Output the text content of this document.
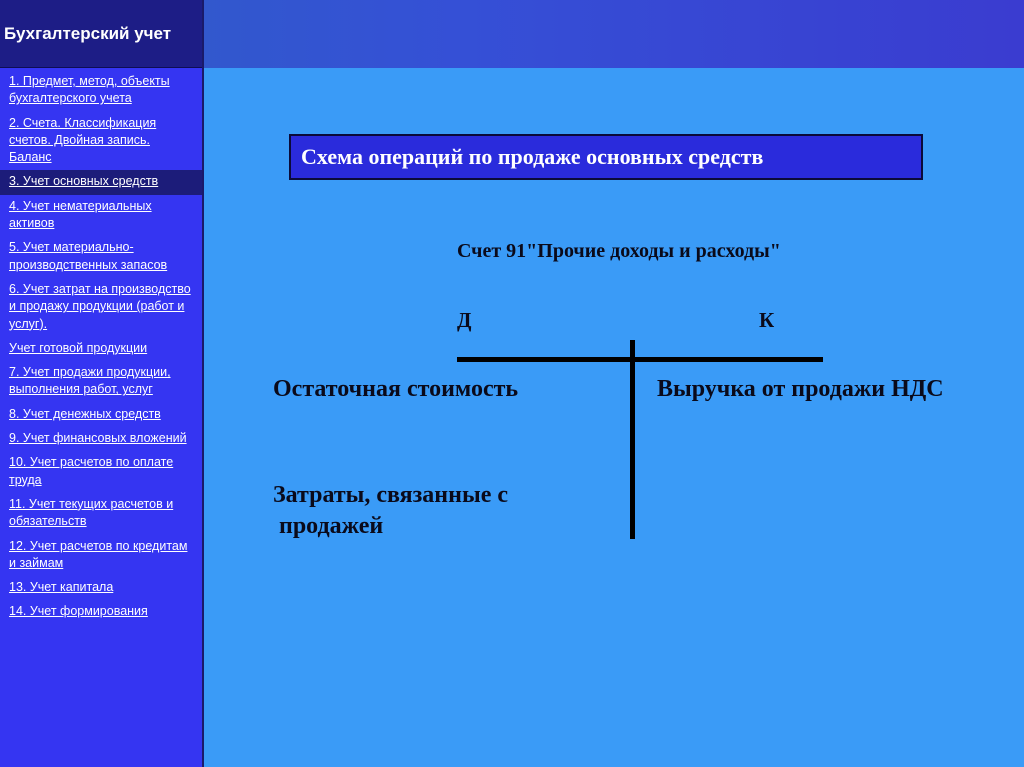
Бухгалтерский учет
1. Предмет, метод, объекты бухгалтерского учета
2. Счета. Классификация счетов. Двойная запись. Баланс
3. Учет основных средств
4. Учет нематериальных активов
5. Учет материально-производственных запасов
6. Учет затрат на производство и продажу продукции (работ и услуг).
Учет готовой продукции
7. Учет продажи продукции, выполнения работ, услуг
8. Учет денежных средств
9. Учет финансовых вложений
10. Учет расчетов по оплате труда
11. Учет текущих расчетов и обязательств
12. Учет расчетов по кредитам и займам
13. Учет капитала
14. Учет формирования
Схема операций по продаже основных средств
Счет 91"Прочие доходы и расходы"
Д	К
Остаточная стоимость
Затраты, связанные с
продажей
Выручка от продажи НДС
